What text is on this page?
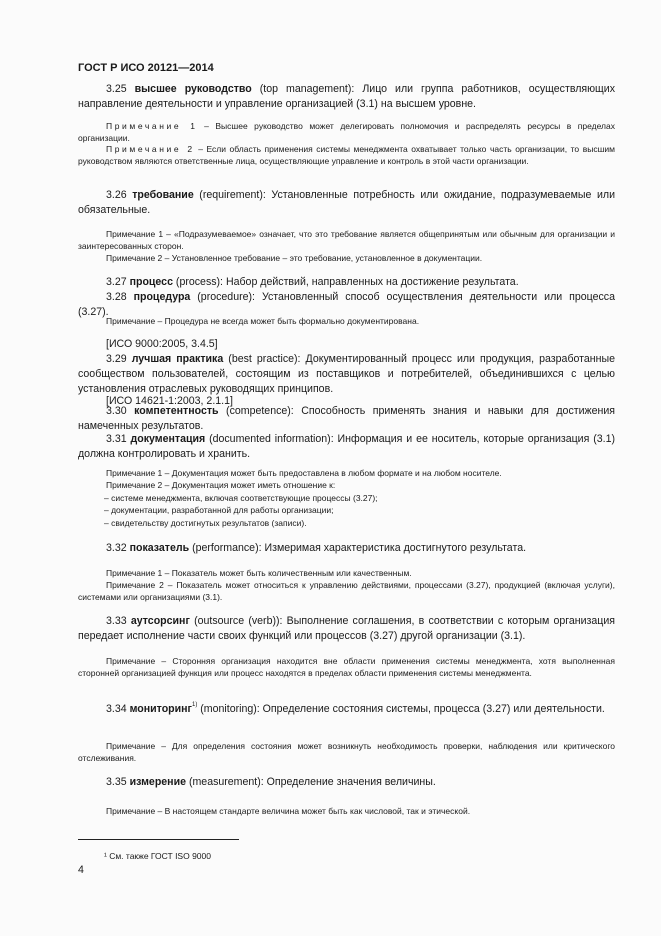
ГОСТ Р ИСО 20121—2014

3.25 высшее руководство (top management): Лицо или группа работников, осуществляющих направление деятельности и управление организацией (3.1) на высшем уровне.

Примечание 1 – Высшее руководство может делегировать полномочия и распределять ресурсы в пределах организации.

Примечание 2 – Если область применения системы менеджмента охватывает только часть организации, то высшим руководством являются ответственные лица, осуществляющие управление и контроль в этой части организации.

3.26 требование (requirement): Установленные потребность или ожидание, подразумеваемые или обязательные.

Примечание 1 – «Подразумеваемое» означает, что это требование является общепринятым или обычным для организации и заинтересованных сторон.

Примечание 2 – Установленное требование – это требование, установленное в документации.

3.27 процесс (process): Набор действий, направленных на достижение результата.

3.28 процедура (procedure): Установленный способ осуществления деятельности или процесса (3.27).

Примечание – Процедура не всегда может быть формально документирована.

[ИСО 9000:2005, 3.4.5]

3.29 лучшая практика (best practice): Документированный процесс или продукция, разработанные сообществом пользователей, состоящим из поставщиков и потребителей, объединившихся с целью установления отраслевых руководящих принципов.

[ИСО 14621-1:2003, 2.1.1]

3.30 компетентность (competence): Способность применять знания и навыки для достижения намеченных результатов.

3.31 документация (documented information): Информация и ее носитель, которые организация (3.1) должна контролировать и хранить.

Примечание 1 – Документация может быть предоставлена в любом формате и на любом носителе.

Примечание 2 – Документация может иметь отношение к:

– системе менеджмента, включая соответствующие процессы (3.27);
– документации, разработанной для работы организации;
– свидетельству достигнутых результатов (записи).

3.32 показатель (performance): Измеримая характеристика достигнутого результата.

Примечание 1 – Показатель может быть количественным или качественным.

Примечание 2 – Показатель может относиться к управлению действиями, процессами (3.27), продукцией (включая услуги), системами или организациями (3.1).

3.33 аутсорсинг (outsource (verb)): Выполнение соглашения, в соответствии с которым организация передает исполнение части своих функций или процессов (3.27) другой организации (3.1).

Примечание – Сторонняя организация находится вне области применения системы менеджмента, хотя выполненная сторонней организацией функция или процесс находятся в пределах области применения системы менеджмента.

3.34 мониторинг$^{1)}$ (monitoring): Определение состояния системы, процесса (3.27) или деятельности.

Примечание – Для определения состояния может возникнуть необходимость проверки, наблюдения или критического отслеживания.

3.35 измерение (measurement): Определение значения величины.

Примечание – В настоящем стандарте величина может быть как числовой, так и этической.

¹ См. также ГОСТ ISO 9000
4
